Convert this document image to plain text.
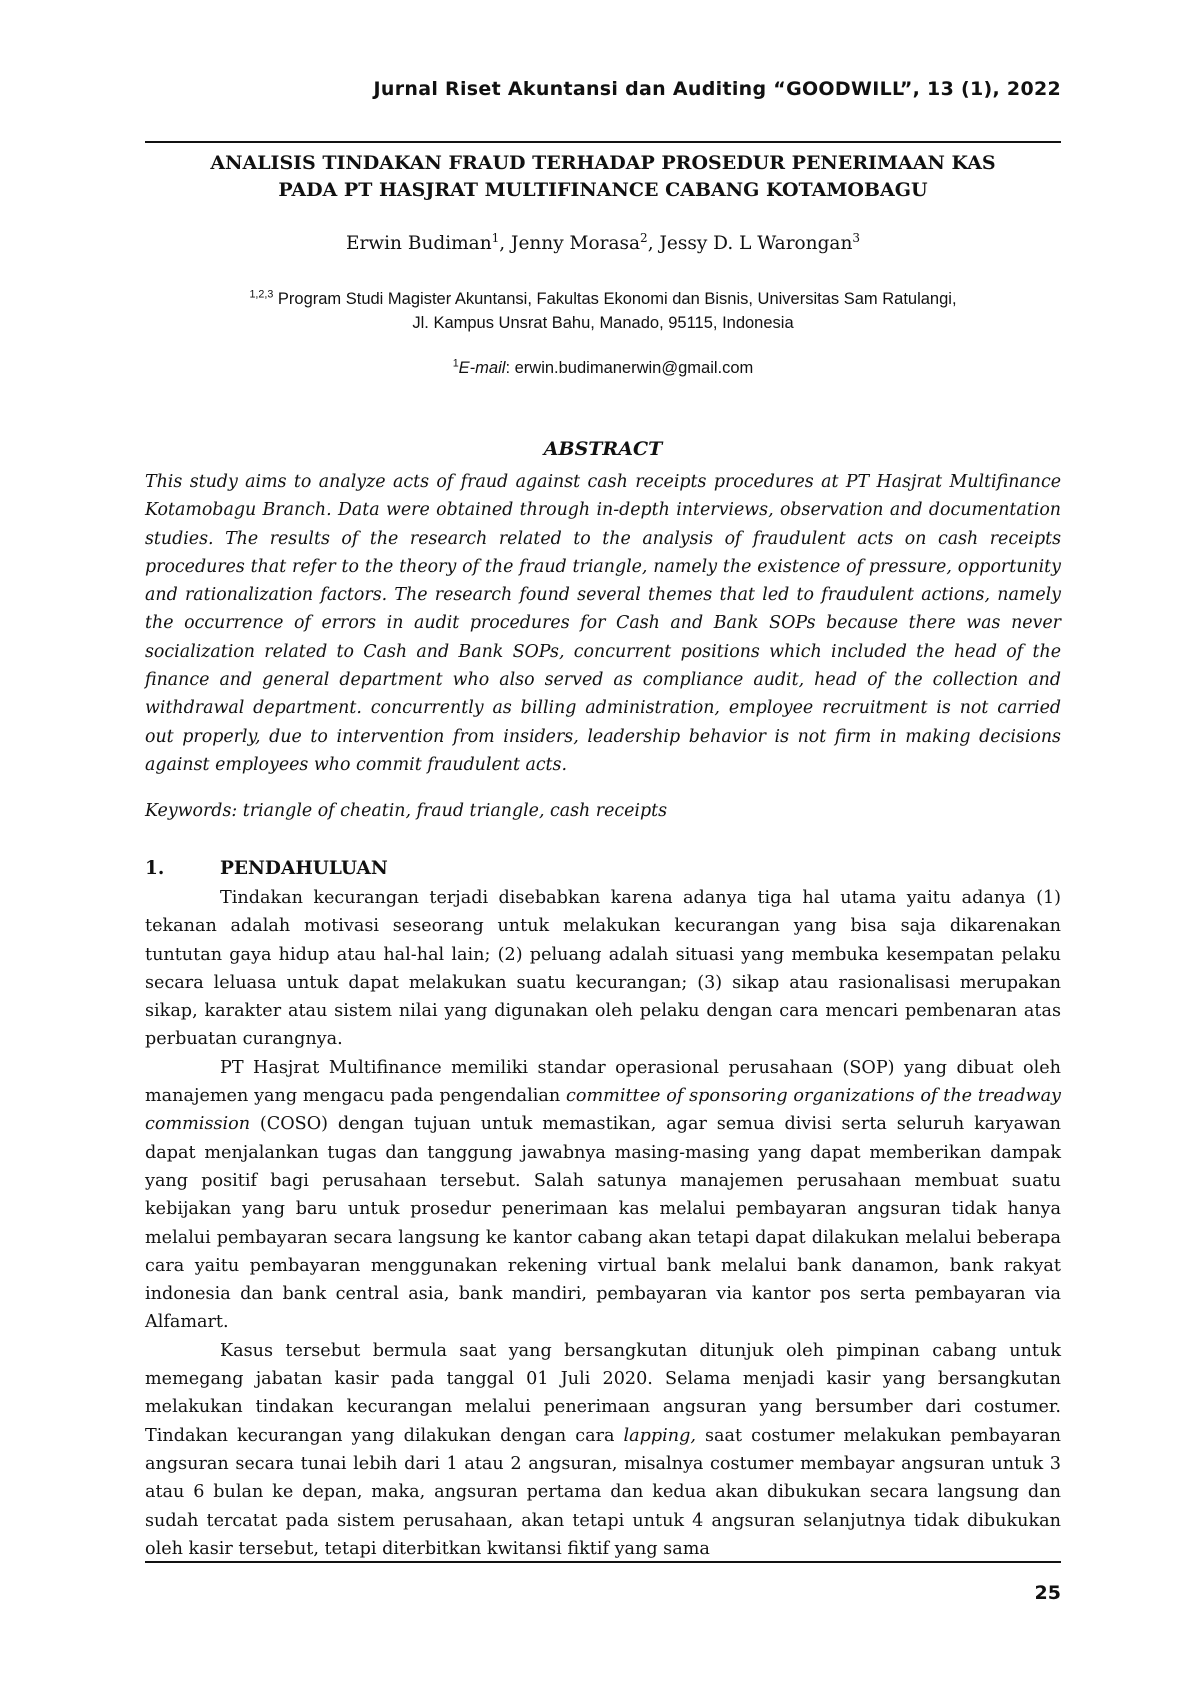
Jurnal Riset Akuntansi dan Auditing “GOODWILL”, 13 (1), 2022
ANALISIS TINDAKAN FRAUD TERHADAP PROSEDUR PENERIMAAN KAS
PADA PT HASJRAT MULTIFINANCE CABANG KOTAMOBAGU
Erwin Budiman$^1$, Jenny Morasa$^2$, Jessy D. L Warongan$^3$
$^{1,2,3}$ Program Studi Magister Akuntansi, Fakultas Ekonomi dan Bisnis, Universitas Sam Ratulangi,
Jl. Kampus Unsrat Bahu, Manado, 95115, Indonesia
$^1$E-mail: erwin.budimanerwin@gmail.com
ABSTRACT
This study aims to analyze acts of fraud against cash receipts procedures at PT Hasjrat Multifinance Kotamobagu Branch. Data were obtained through in-depth interviews, observation and documentation studies. The results of the research related to the analysis of fraudulent acts on cash receipts procedures that refer to the theory of the fraud triangle, namely the existence of pressure, opportunity and rationalization factors. The research found several themes that led to fraudulent actions, namely the occurrence of errors in audit procedures for Cash and Bank SOPs because there was never socialization related to Cash and Bank SOPs, concurrent positions which included the head of the finance and general department who also served as compliance audit, head of the collection and withdrawal department. concurrently as billing administration, employee recruitment is not carried out properly, due to intervention from insiders, leadership behavior is not firm in making decisions against employees who commit fraudulent acts.
Keywords: triangle of cheatin, fraud triangle, cash receipts
1.	PENDAHULUAN

Tindakan kecurangan terjadi disebabkan karena adanya tiga hal utama yaitu adanya (1) tekanan adalah motivasi seseorang untuk melakukan kecurangan yang bisa saja dikarenakan tuntutan gaya hidup atau hal-hal lain; (2) peluang adalah situasi yang membuka kesempatan pelaku secara leluasa untuk dapat melakukan suatu kecurangan; (3) sikap atau rasionalisasi merupakan sikap, karakter atau sistem nilai yang digunakan oleh pelaku dengan cara mencari pembenaran atas perbuatan curangnya.

PT Hasjrat Multifinance memiliki standar operasional perusahaan (SOP) yang dibuat oleh manajemen yang mengacu pada pengendalian committee of sponsoring organizations of the treadway commission (COSO) dengan tujuan untuk memastikan, agar semua divisi serta seluruh karyawan dapat menjalankan tugas dan tanggung jawabnya masing-masing yang dapat memberikan dampak yang positif bagi perusahaan tersebut. Salah satunya manajemen perusahaan membuat suatu kebijakan yang baru untuk prosedur penerimaan kas melalui pembayaran angsuran tidak hanya melalui pembayaran secara langsung ke kantor cabang akan tetapi dapat dilakukan melalui beberapa cara yaitu pembayaran menggunakan rekening virtual bank melalui bank danamon, bank rakyat indonesia dan bank central asia, bank mandiri, pembayaran via kantor pos serta pembayaran via Alfamart.

Kasus tersebut bermula saat yang bersangkutan ditunjuk oleh pimpinan cabang untuk memegang jabatan kasir pada tanggal 01 Juli 2020. Selama menjadi kasir yang bersangkutan melakukan tindakan kecurangan melalui penerimaan angsuran yang bersumber dari costumer. Tindakan kecurangan yang dilakukan dengan cara lapping, saat costumer melakukan pembayaran angsuran secara tunai lebih dari 1 atau 2 angsuran, misalnya costumer membayar angsuran untuk 3 atau 6 bulan ke depan, maka, angsuran pertama dan kedua akan dibukukan secara langsung dan sudah tercatat pada sistem perusahaan, akan tetapi untuk 4 angsuran selanjutnya tidak dibukukan oleh kasir tersebut, tetapi diterbitkan kwitansi fiktif yang sama

25
